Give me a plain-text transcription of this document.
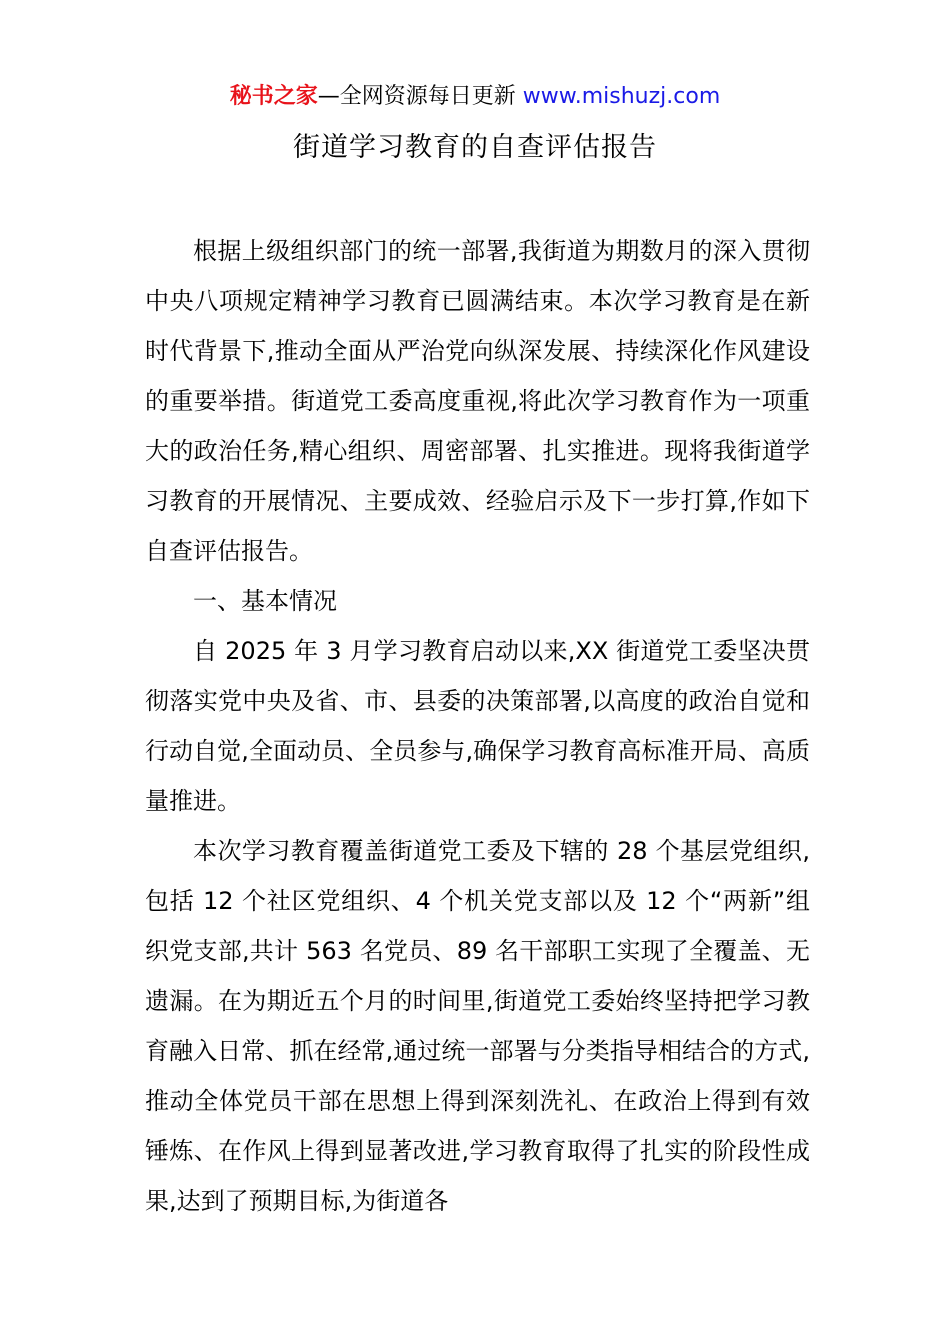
秘书之家—全网资源每日更新 www.mishuzj.com
街道学习教育的自查评估报告

根据上级组织部门的统一部署,我街道为期数月的深入贯彻中央八项规定精神学习教育已圆满结束。本次学习教育是在新时代背景下,推动全面从严治党向纵深发展、持续深化作风建设的重要举措。街道党工委高度重视,将此次学习教育作为一项重大的政治任务,精心组织、周密部署、扎实推进。现将我街道学习教育的开展情况、主要成效、经验启示及下一步打算,作如下自查评估报告。

一、基本情况

自 2025 年 3 月学习教育启动以来,XX 街道党工委坚决贯彻落实党中央及省、市、县委的决策部署,以高度的政治自觉和行动自觉,全面动员、全员参与,确保学习教育高标准开局、高质量推进。

本次学习教育覆盖街道党工委及下辖的 28 个基层党组织,包括 12 个社区党组织、4 个机关党支部以及 12 个“两新”组织党支部,共计 563 名党员、89 名干部职工实现了全覆盖、无遗漏。在为期近五个月的时间里,街道党工委始终坚持把学习教育融入日常、抓在经常,通过统一部署与分类指导相结合的方式,推动全体党员干部在思想上得到深刻洗礼、在政治上得到有效锤炼、在作风上得到显著改进,学习教育取得了扎实的阶段性成果,达到了预期目标,为街道各
